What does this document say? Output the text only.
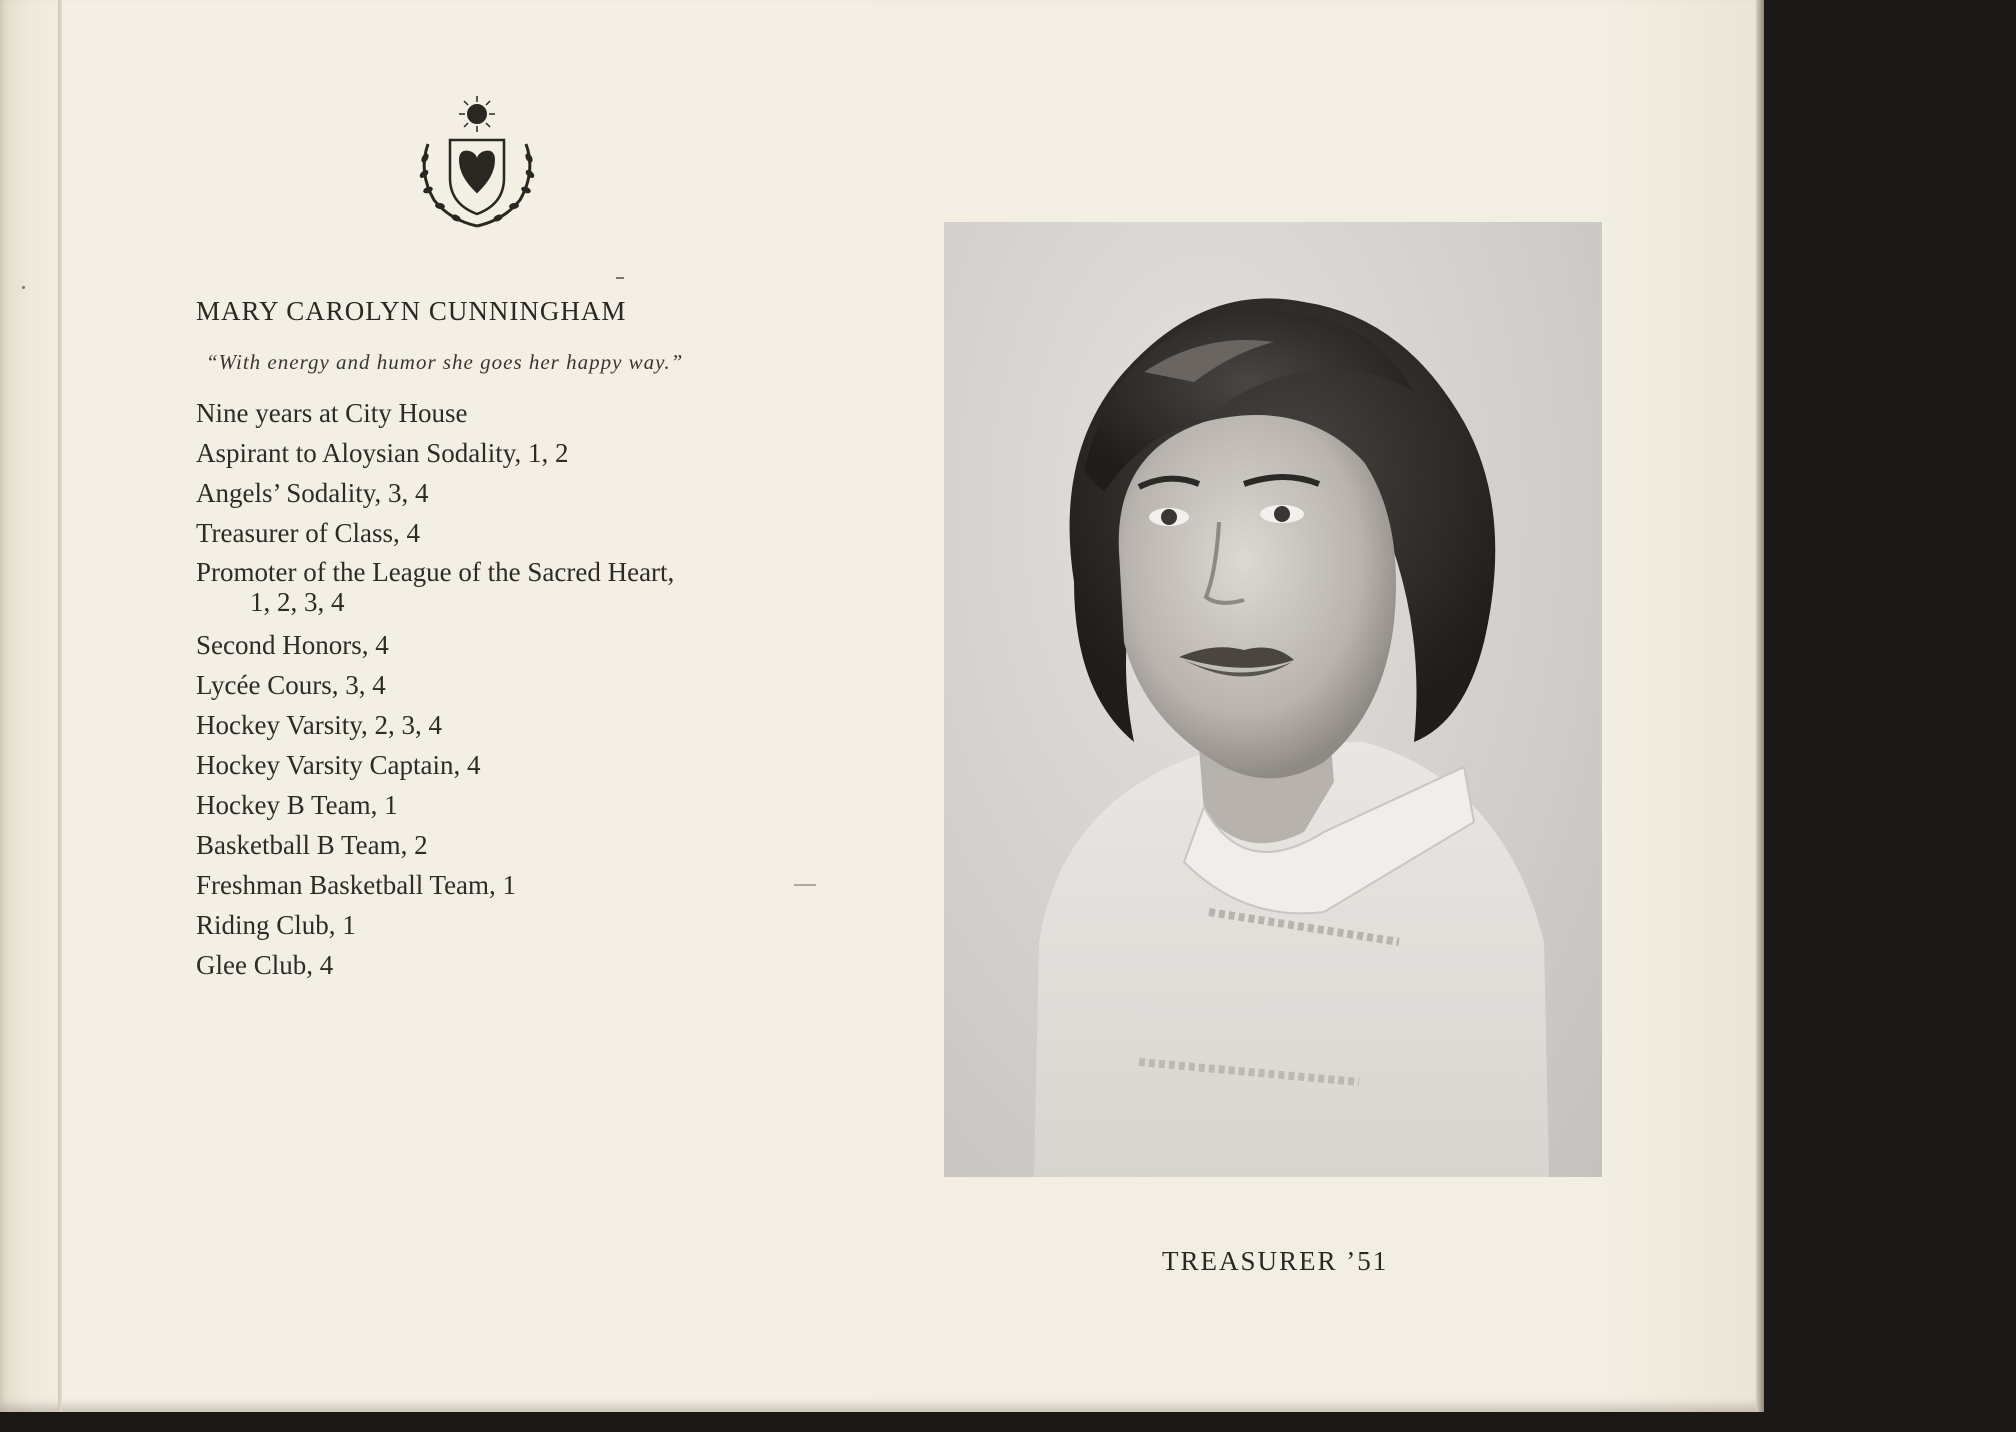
MARY CAROLYN CUNNINGHAM

“With energy and humor she goes her happy way.”

Nine years at City House
Aspirant to Aloysian Sodality, 1, 2
Angels’ Sodality, 3, 4
Treasurer of Class, 4
Promoter of the League of the Sacred Heart,
1, 2, 3, 4
Second Honors, 4
Lycée Cours, 3, 4
Hockey Varsity, 2, 3, 4
Hockey Varsity Captain, 4
Hockey B Team, 1
Basketball B Team, 2
Freshman Basketball Team, 1
Riding Club, 1
Glee Club, 4

TREASURER ’51
